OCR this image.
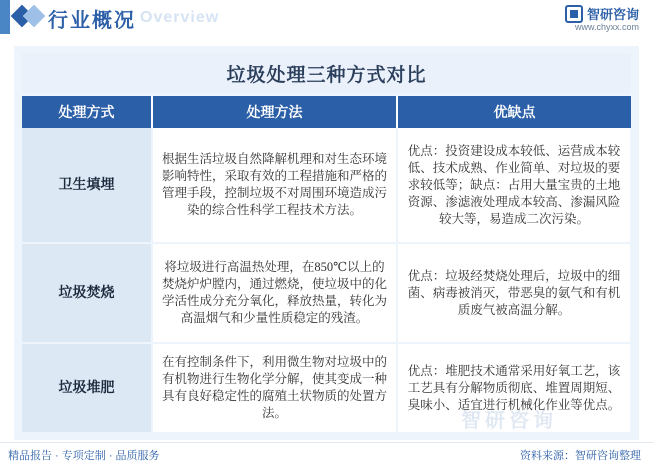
Overview
行业概况	智研咨询
www.chyxx.com
垃圾处理三种方式对比
处理方式	处理方法	优缺点
卫生填埋	根据生活垃圾自然降解机理和对生态环境影响特性，采取有效的工程措施和严格的管理手段，控制垃圾不对周围环境造成污染的综合性科学工程技术方法。	优点：投资建设成本较低、运营成本较低、技术成熟、作业简单、对垃圾的要求较低等；缺点：占用大量宝贵的土地资源、渗滤液处理成本较高、渗漏风险较大等，易造成二次污染。
垃圾焚烧	将垃圾进行高温热处理，在850℃以上的焚烧炉炉膛内，通过燃烧，使垃圾中的化学活性成分充分氧化，释放热量，转化为高温烟气和少量性质稳定的残渣。	优点：垃圾经焚烧处理后，垃圾中的细菌、病毒被消灭，带恶臭的氨气和有机质废气被高温分解。
垃圾堆肥	在有控制条件下，利用微生物对垃圾中的有机物进行生物化学分解，使其变成一种具有良好稳定性的腐殖土状物质的处置方法。	优点：堆肥技术通常采用好氧工艺，该工艺具有分解物质彻底、堆置周期短、臭味小、适宜进行机械化作业等优点。
智研咨询
精品报告 · 专项定制 · 品质服务	资料来源：智研咨询整理
